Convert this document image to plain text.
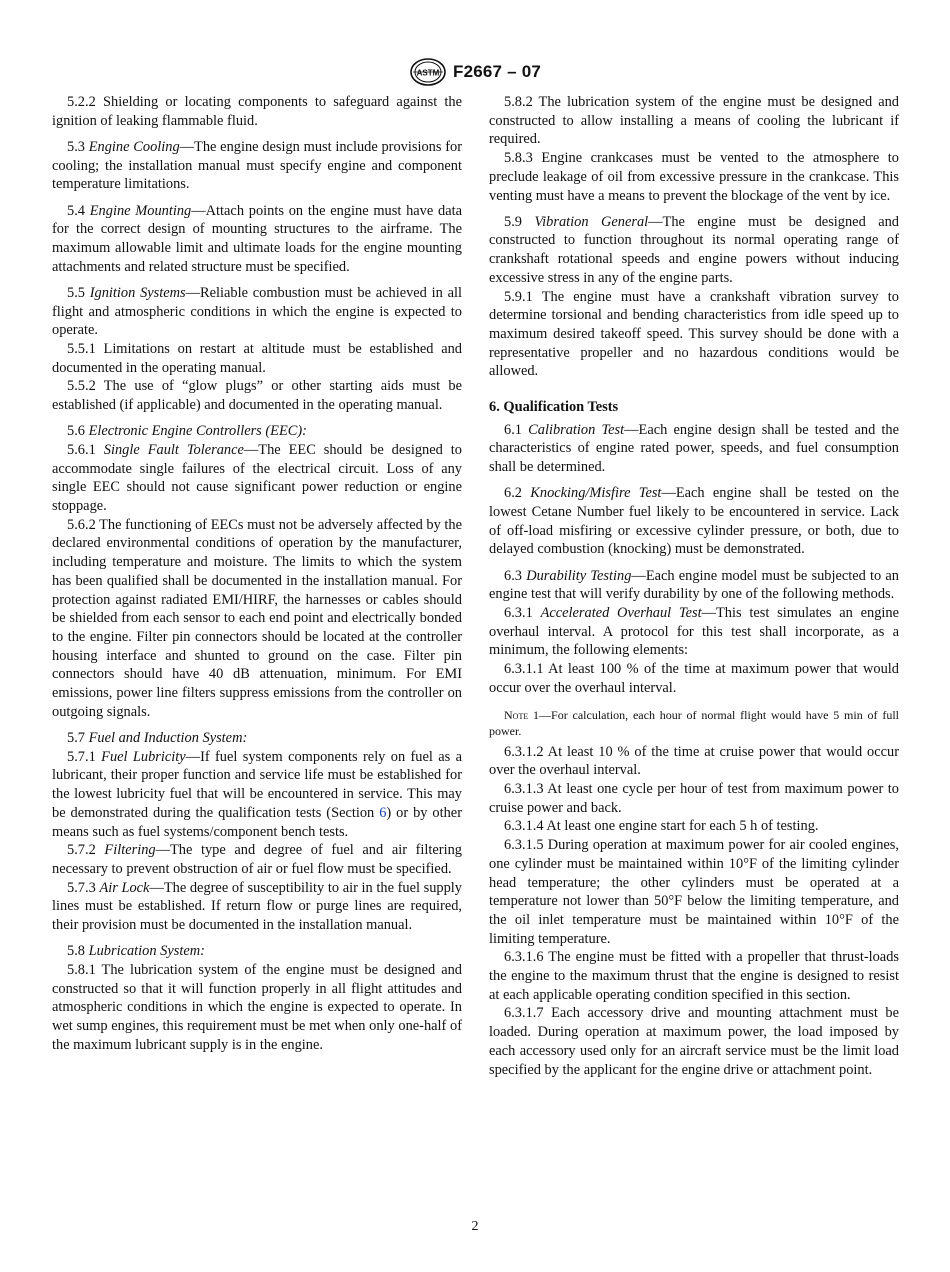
ASTM F2667 – 07

5.2.2 Shielding or locating components to safeguard against the ignition of leaking flammable fluid.

5.3 Engine Cooling—The engine design must include provisions for cooling; the installation manual must specify engine and component temperature limitations.

5.4 Engine Mounting—Attach points on the engine must have data for the correct design of mounting structures to the airframe. The maximum allowable limit and ultimate loads for the engine mounting attachments and related structure must be specified.

5.5 Ignition Systems—Reliable combustion must be achieved in all flight and atmospheric conditions in which the engine is expected to operate.

5.5.1 Limitations on restart at altitude must be established and documented in the operating manual.

5.5.2 The use of “glow plugs” or other starting aids must be established (if applicable) and documented in the operating manual.

5.6 Electronic Engine Controllers (EEC):

5.6.1 Single Fault Tolerance—The EEC should be designed to accommodate single failures of the electrical circuit. Loss of any single EEC should not cause significant power reduction or engine stoppage.

5.6.2 The functioning of EECs must not be adversely affected by the declared environmental conditions of operation by the manufacturer, including temperature and moisture. The limits to which the system has been qualified shall be documented in the installation manual. For protection against radiated EMI/HIRF, the harnesses or cables should be shielded from each sensor to each end point and electrically bonded to the engine. Filter pin connectors should be located at the controller housing interface and shunted to ground on the case. Filter pin connectors should have 40 dB attenuation, minimum. For EMI emissions, power line filters suppress emissions from the controller on outgoing signals.

5.7 Fuel and Induction System:

5.7.1 Fuel Lubricity—If fuel system components rely on fuel as a lubricant, their proper function and service life must be established for the lowest lubricity fuel that will be encountered in service. This may be demonstrated during the qualification tests (Section 6) or by other means such as fuel systems/component bench tests.

5.7.2 Filtering—The type and degree of fuel and air filtering necessary to prevent obstruction of air or fuel flow must be specified.

5.7.3 Air Lock—The degree of susceptibility to air in the fuel supply lines must be established. If return flow or purge lines are required, their provision must be documented in the installation manual.

5.8 Lubrication System:

5.8.1 The lubrication system of the engine must be designed and constructed so that it will function properly in all flight attitudes and atmospheric conditions in which the engine is expected to operate. In wet sump engines, this requirement must be met when only one-half of the maximum lubricant supply is in the engine.

5.8.2 The lubrication system of the engine must be designed and constructed to allow installing a means of cooling the lubricant if required.

5.8.3 Engine crankcases must be vented to the atmosphere to preclude leakage of oil from excessive pressure in the crankcase. This venting must have a means to prevent the blockage of the vent by ice.

5.9 Vibration General—The engine must be designed and constructed to function throughout its normal operating range of crankshaft rotational speeds and engine powers without inducing excessive stress in any of the engine parts.

5.9.1 The engine must have a crankshaft vibration survey to determine torsional and bending characteristics from idle speed up to maximum desired takeoff speed. This survey should be done with a representative propeller and no hazardous conditions would be allowed.

6. Qualification Tests

6.1 Calibration Test—Each engine design shall be tested and the characteristics of engine rated power, speeds, and fuel consumption shall be determined.

6.2 Knocking/Misfire Test—Each engine shall be tested on the lowest Cetane Number fuel likely to be encountered in service. Lack of off-load misfiring or excessive cylinder pressure, or both, due to delayed combustion (knocking) must be demonstrated.

6.3 Durability Testing—Each engine model must be subjected to an engine test that will verify durability by one of the following methods.

6.3.1 Accelerated Overhaul Test—This test simulates an engine overhaul interval. A protocol for this test shall incorporate, as a minimum, the following elements:

6.3.1.1 At least 100 % of the time at maximum power that would occur over the overhaul interval.

Note 1—For calculation, each hour of normal flight would have 5 min of full power.

6.3.1.2 At least 10 % of the time at cruise power that would occur over the overhaul interval.

6.3.1.3 At least one cycle per hour of test from maximum power to cruise power and back.

6.3.1.4 At least one engine start for each 5 h of testing.

6.3.1.5 During operation at maximum power for air cooled engines, one cylinder must be maintained within 10°F of the limiting cylinder head temperature; the other cylinders must be operated at a temperature not lower than 50°F below the limiting temperature, and the oil inlet temperature must be maintained within 10°F of the limiting temperature.

6.3.1.6 The engine must be fitted with a propeller that thrust-loads the engine to the maximum thrust that the engine is designed to resist at each applicable operating condition specified in this section.

6.3.1.7 Each accessory drive and mounting attachment must be loaded. During operation at maximum power, the load imposed by each accessory used only for an aircraft service must be the limit load specified by the applicant for the engine drive or attachment point.

2
